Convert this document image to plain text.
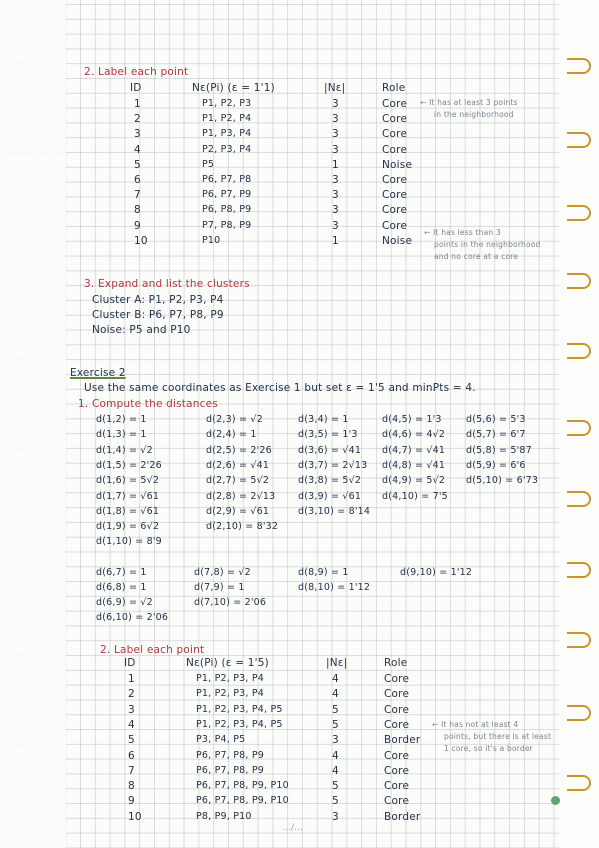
2. Label each point
ID	Nε(Pi) (ε = 1'1)	|Nε|	Role
1	P1, P2, P3	3	Core
2	P1, P2, P4	3	Core
3	P1, P3, P4	3	Core
4	P2, P3, P4	3	Core
5	P5	1	Noise
6	P6, P7, P8	3	Core
7	P6, P7, P9	3	Core
8	P6, P8, P9	3	Core
9	P7, P8, P9	3	Core
10	P10	1	Noise
← It has at least 3 points
in the neighborhood
← It has less than 3
points in the neighborhood
and no core at a core
3. Expand and list the clusters
Cluster A: P1, P2, P3, P4
Cluster B: P6, P7, P8, P9
Noise: P5 and P10
Exercise 2
Use the same coordinates as Exercise 1 but set ε = 1'5 and minPts = 4.
1. Compute the distances
d(1,2) = 1
d(1,3) = 1
d(1,4) = √2
d(1,5) = 2'26
d(1,6) = 5√2
d(1,7) = √61
d(1,8) = √61
d(1,9) = 6√2
d(1,10) = 8'9
d(2,3) = √2
d(2,4) = 1
d(2,5) = 2'26
d(2,6) = √41
d(2,7) = 5√2
d(2,8) = 2√13
d(2,9) = √61
d(2,10) = 8'32
d(3,4) = 1
d(3,5) = 1'3
d(3,6) = √41
d(3,7) = 2√13
d(3,8) = 5√2
d(3,9) = √61
d(3,10) = 8'14
d(4,5) = 1'3
d(4,6) = 4√2
d(4,7) = √41
d(4,8) = √41
d(4,9) = 5√2
d(4,10) = 7'5
d(5,6) = 5'3
d(5,7) = 6'7
d(5,8) = 5'87
d(5,9) = 6'6
d(5,10) = 6'73
d(6,7) = 1
d(6,8) = 1
d(6,9) = √2
d(6,10) = 2'06
d(7,8) = √2
d(7,9) = 1
d(7,10) = 2'06
d(8,9) = 1
d(8,10) = 1'12
d(9,10) = 1'12
2. Label each point
ID	Nε(Pi) (ε = 1'5)	|Nε|	Role
1	P1, P2, P3, P4	4	Core
2	P1, P2, P3, P4	4	Core
3	P1, P2, P3, P4, P5	5	Core
4	P1, P2, P3, P4, P5	5	Core
5	P3, P4, P5	3	Border
6	P6, P7, P8, P9	4	Core
7	P6, P7, P8, P9	4	Core
8	P6, P7, P8, P9, P10	5	Core
9	P6, P7, P8, P9, P10	5	Core
10	P8, P9, P10	3	Border
← It has not at least 4
points, but there is at least
1 core, so it's a border
…/…
